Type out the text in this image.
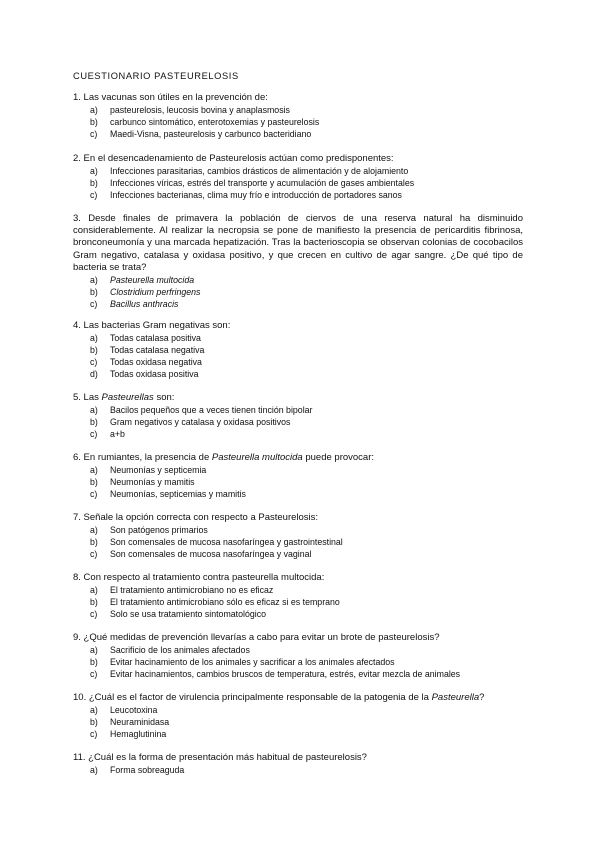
CUESTIONARIO PASTEURELOSIS

1. Las vacunas son útiles en la prevención de:

a) pasteurelosis, leucosis bovina y anaplasmosis
b) carbunco sintomático, enterotoxemias y pasteurelosis
c) Maedi-Visna, pasteurelosis y carbunco bacteridiano

2. En el desencadenamiento de Pasteurelosis actúan como predisponentes:

a) Infecciones parasitarias, cambios drásticos de alimentación y de alojamiento
b) Infecciones víricas, estrés del transporte y acumulación de gases ambientales
c) Infecciones bacterianas, clima muy frío e introducción de portadores sanos

3. Desde finales de primavera la población de ciervos de una reserva natural ha disminuido considerablemente. Al realizar la necropsia se pone de manifiesto la presencia de pericarditis fibrinosa, bronconeumonía y una marcada hepatización. Tras la bacterioscopia se observan colonias de cocobacilos Gram negativo, catalasa y oxidasa positivo, y que crecen en cultivo de agar sangre. ¿De qué tipo de bacteria se trata?

a) Pasteurella multocida
b) Clostridium perfringens
c) Bacillus anthracis

4. Las bacterias Gram negativas son:

a) Todas catalasa positiva
b) Todas catalasa negativa
c) Todas oxidasa negativa
d) Todas oxidasa positiva

5. Las Pasteurellas son:

a) Bacilos pequeños que a veces tienen tinción bipolar
b) Gram negativos y catalasa y oxidasa positivos
c) a+b

6. En rumiantes, la presencia de Pasteurella multocida puede provocar:

a) Neumonías y septicemia
b) Neumonías y mamitis
c) Neumonías, septicemias y mamitis

7. Señale la opción correcta con respecto a Pasteurelosis:

a) Son patógenos primarios
b) Son comensales de mucosa nasofaríngea y gastrointestinal
c) Son comensales de mucosa nasofaríngea y vaginal

8. Con respecto al tratamiento contra pasteurella multocida:

a) El tratamiento antimicrobiano no es eficaz
b) El tratamiento antimicrobiano sólo es eficaz si es temprano
c) Solo se usa tratamiento sintomatológico

9. ¿Qué medidas de prevención llevarías a cabo para evitar un brote de pasteurelosis?

a) Sacrificio de los animales afectados
b) Evitar hacinamiento de los animales y sacrificar a los animales afectados
c) Evitar hacinamientos, cambios bruscos de temperatura, estrés, evitar mezcla de animales

10. ¿Cuál es el factor de virulencia principalmente responsable de la patogenia de la Pasteurella?

a) Leucotoxina
b) Neuraminidasa
c) Hemaglutinina

11. ¿Cuál es la forma de presentación más habitual de pasteurelosis?

a) Forma sobreaguda
